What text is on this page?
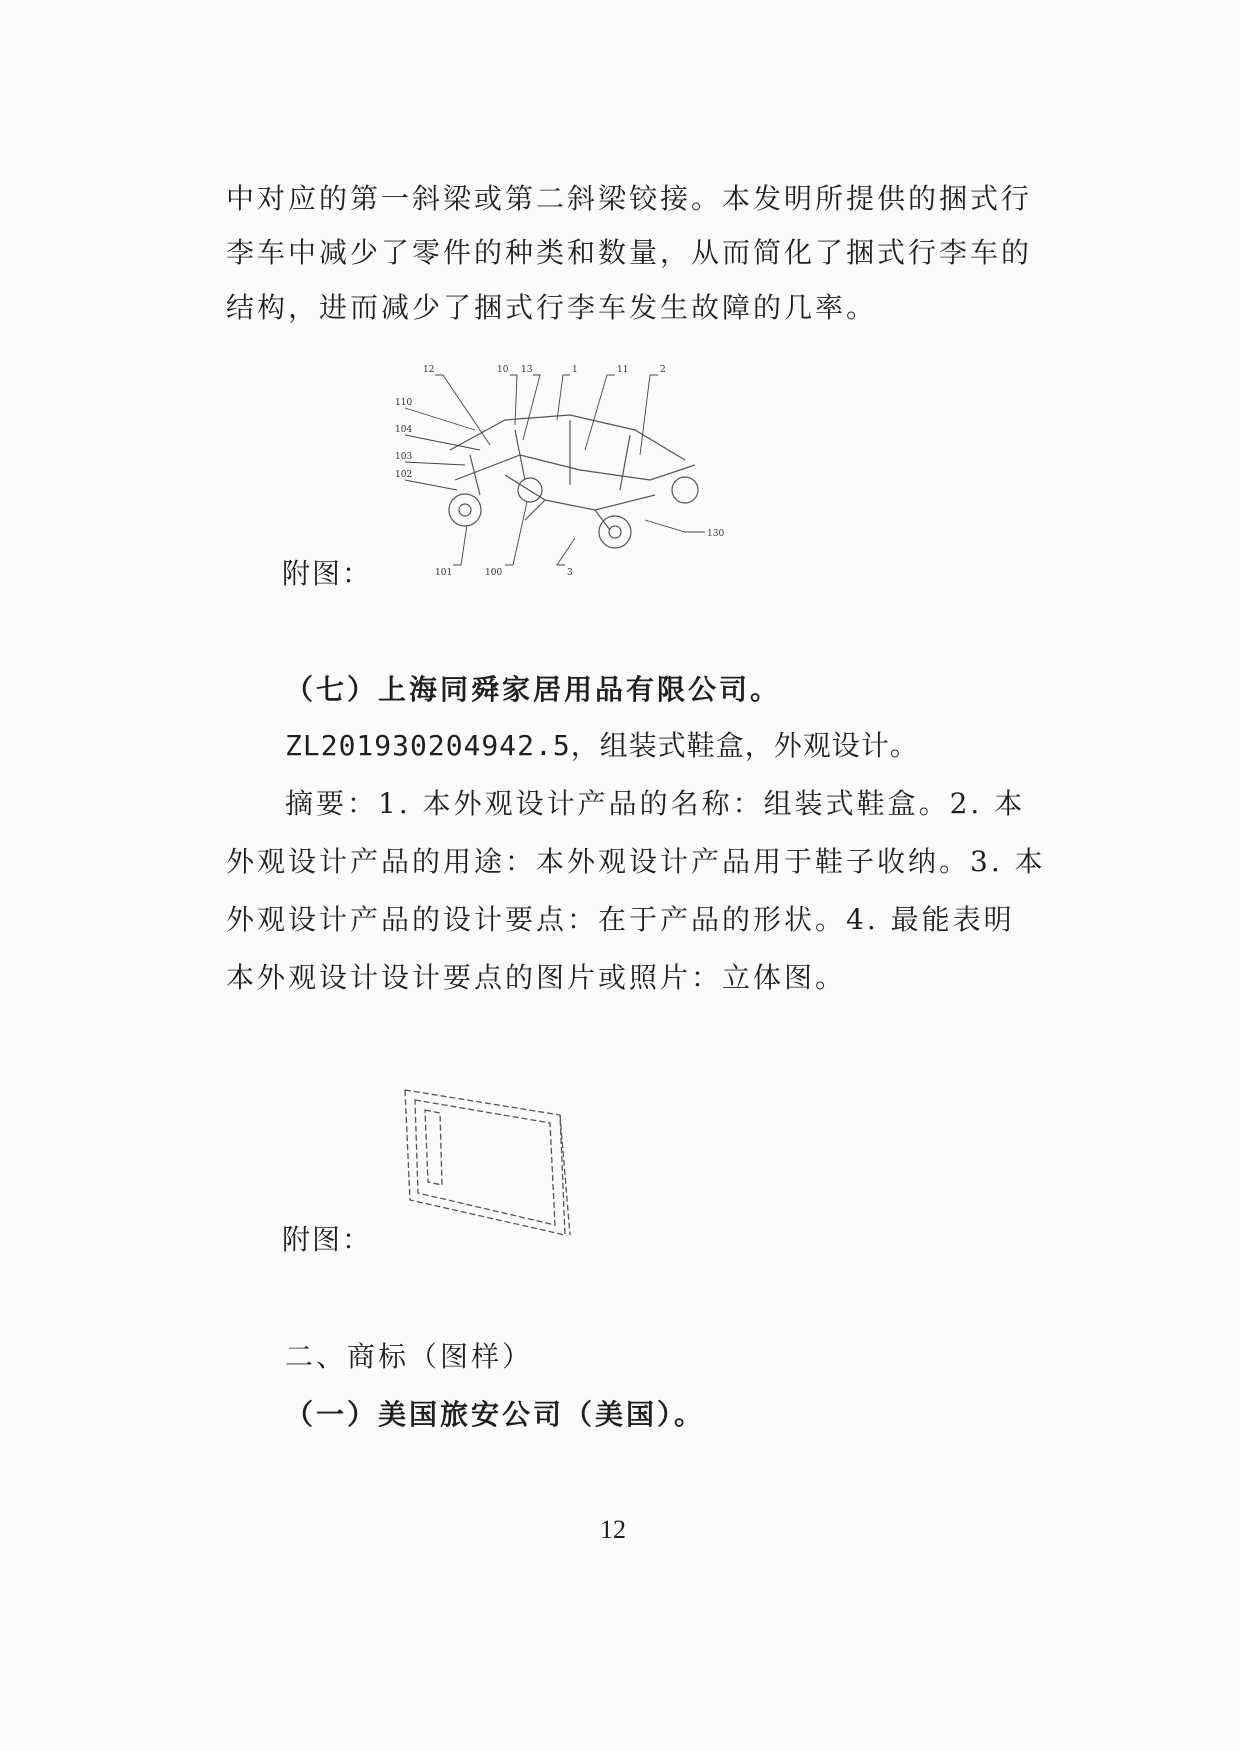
中对应的第一斜梁或第二斜梁铰接。本发明所提供的捆式行
李车中减少了零件的种类和数量，从而简化了捆式行李车的
结构，进而减少了捆式行李车发生故障的几率。
12	10 13	1	11	2
110
104
103
102
101	100	3
130
附图：
（七）上海同舜家居用品有限公司。
ZL201930204942.5，组装式鞋盒，外观设计。
摘要：1. 本外观设计产品的名称：组装式鞋盒。2. 本
外观设计产品的用途：本外观设计产品用于鞋子收纳。3. 本
外观设计产品的设计要点：在于产品的形状。4. 最能表明
本外观设计设计要点的图片或照片：立体图。
附图：
二、商标（图样）
（一）美国旅安公司（美国）。
12
